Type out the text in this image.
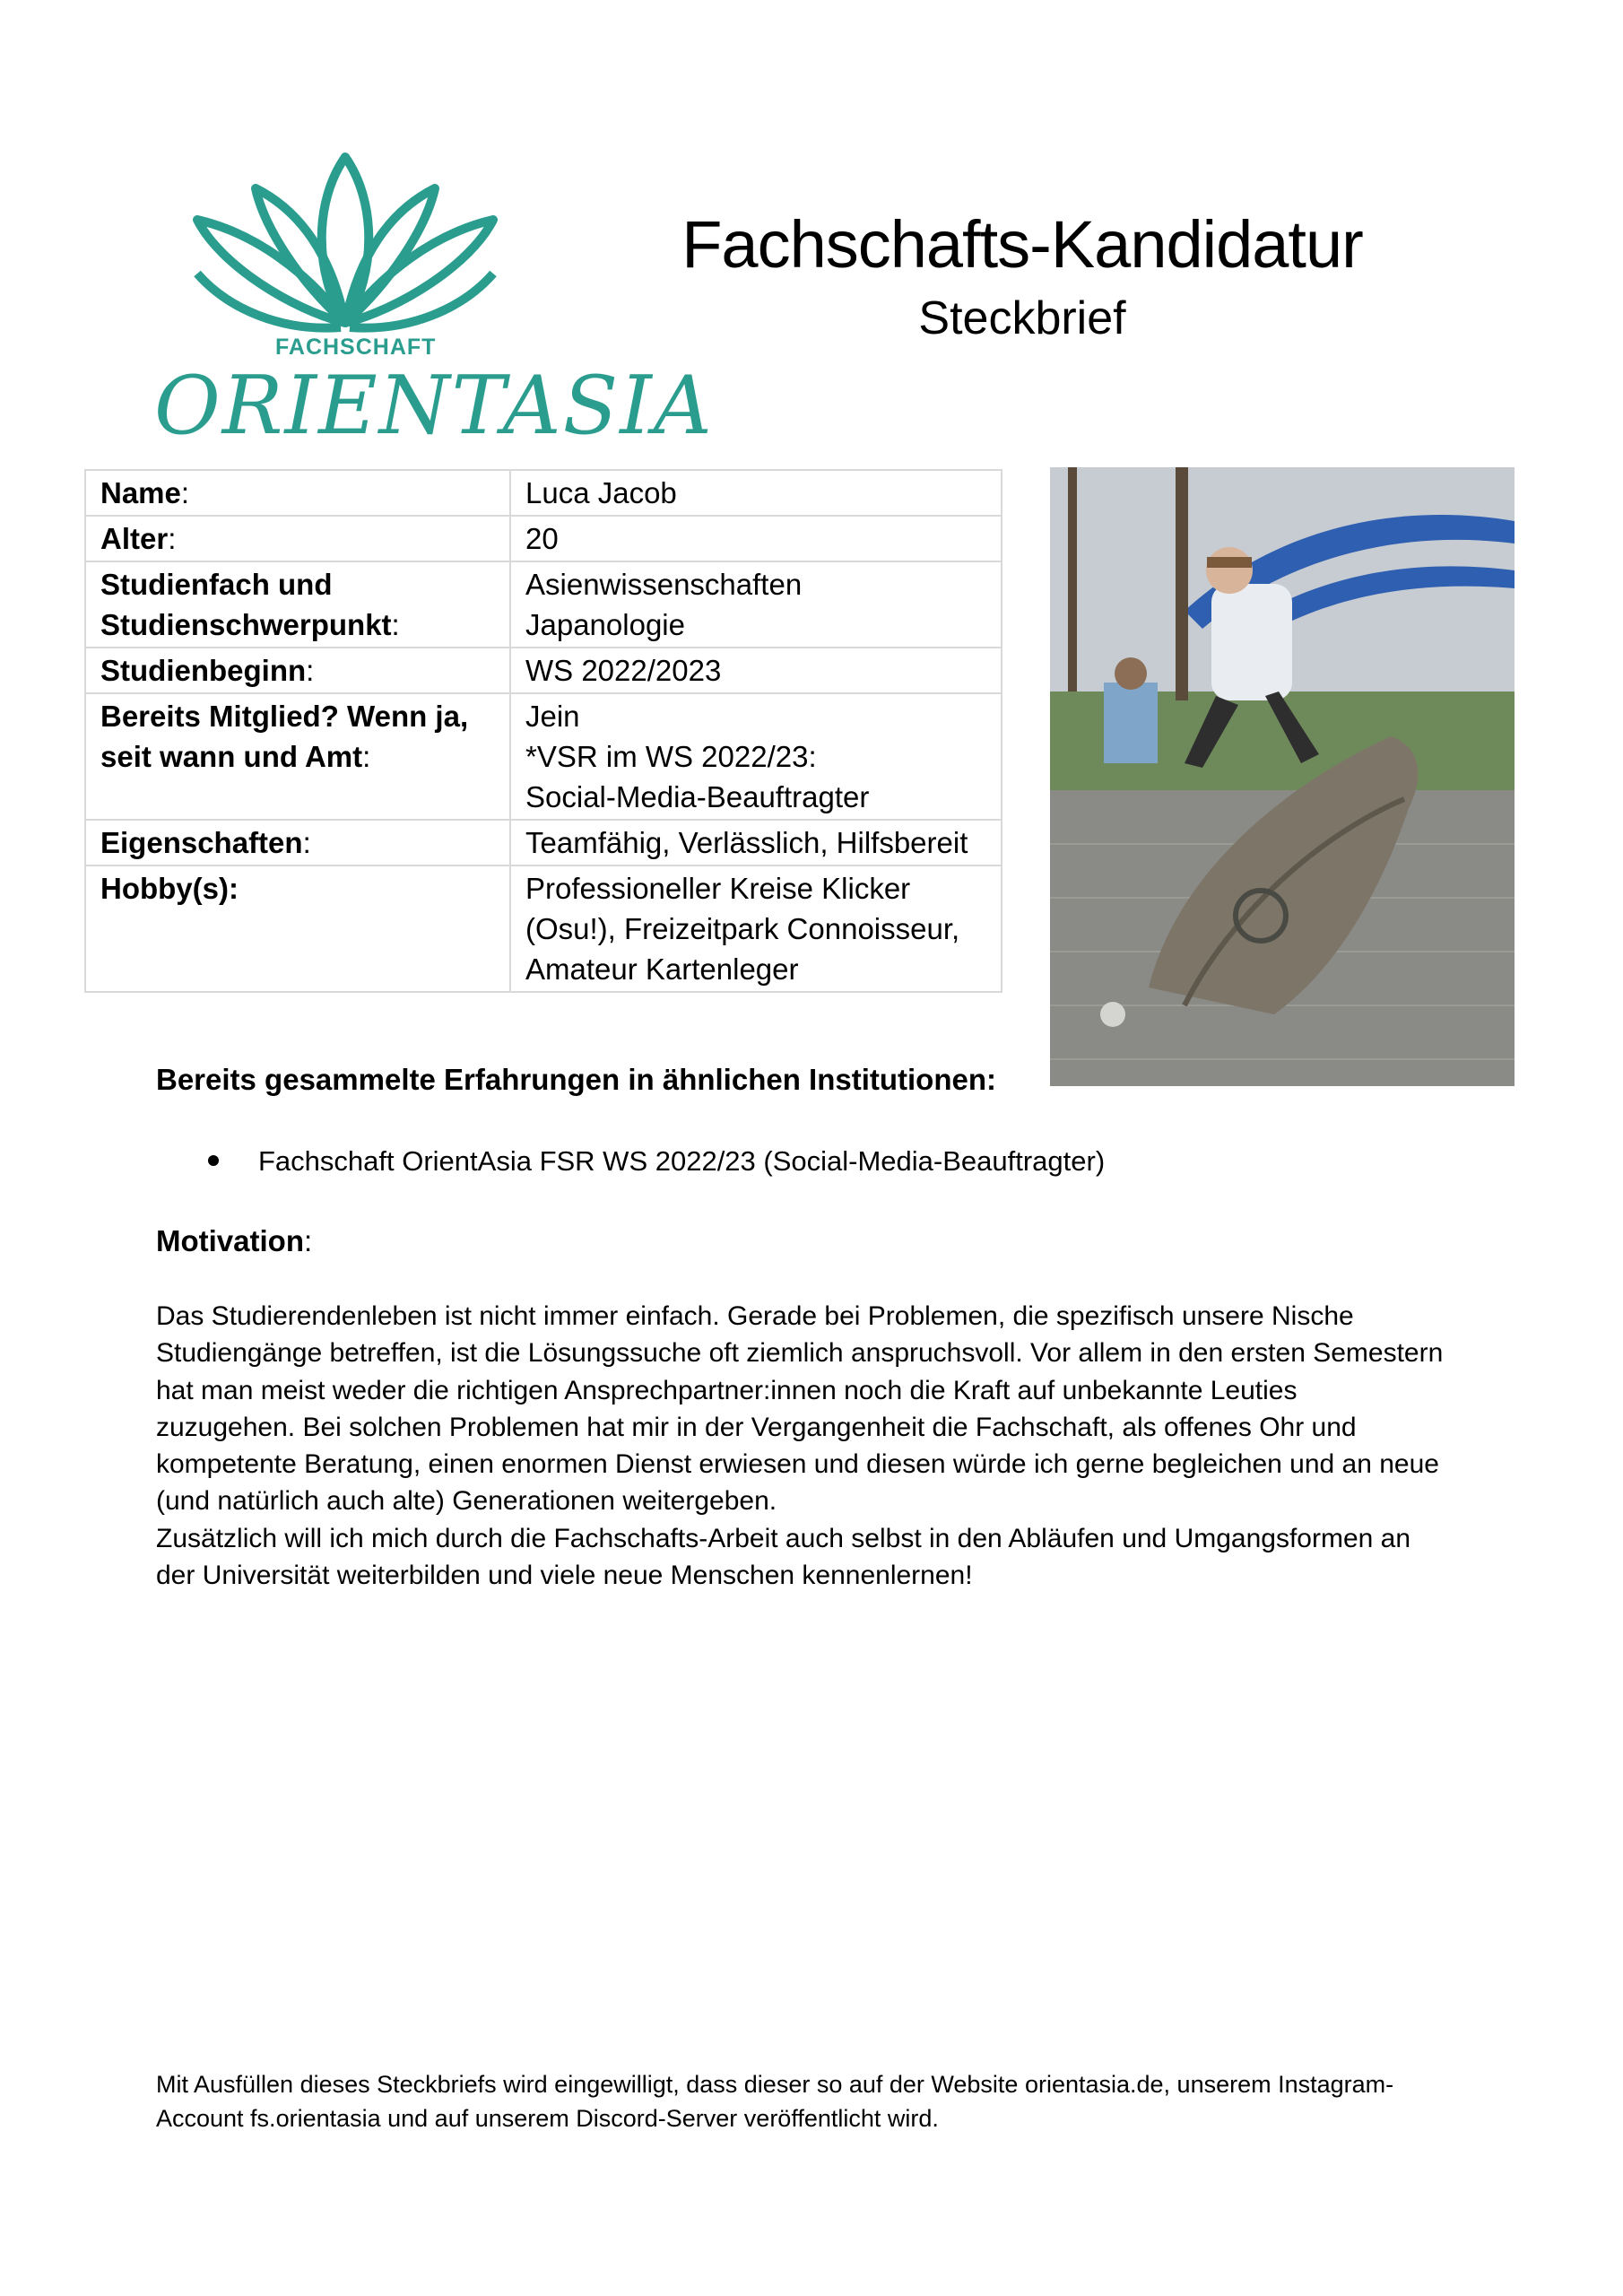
FACHSCHAFT
ORIENTASIA
Fachschafts-Kandidatur
Steckbrief
Name:	Luca Jacob
Alter:	20
Studienfach und
Studienschwerpunkt:	Asienwissenschaften
Japanologie
Studienbeginn:	WS 2022/2023
Bereits Mitglied? Wenn ja,
seit wann und Amt:	Jein
*VSR im WS 2022/23:
Social-Media-Beauftragter
Eigenschaften:	Teamfähig, Verlässlich, Hilfsbereit
Hobby(s):	Professioneller Kreise Klicker
(Osu!), Freizeitpark Connoisseur,
Amateur Kartenleger
Bereits gesammelte Erfahrungen in ähnlichen Institutionen:
Fachschaft OrientAsia FSR WS 2022/23 (Social-Media-Beauftragter)
Motivation:

Das Studierendenleben ist nicht immer einfach. Gerade bei Problemen, die spezifisch unsere Nische
Studiengänge betreffen, ist die Lösungssuche oft ziemlich anspruchsvoll. Vor allem in den ersten Semestern
hat man meist weder die richtigen Ansprechpartner:innen noch die Kraft auf unbekannte Leuties
zuzugehen. Bei solchen Problemen hat mir in der Vergangenheit die Fachschaft, als offenes Ohr und
kompetente Beratung, einen enormen Dienst erwiesen und diesen würde ich gerne begleichen und an neue
(und natürlich auch alte) Generationen weitergeben.

Zusätzlich will ich mich durch die Fachschafts-Arbeit auch selbst in den Abläufen und Umgangsformen an
der Universität weiterbilden und viele neue Menschen kennenlernen!

Mit Ausfüllen dieses Steckbriefs wird eingewilligt, dass dieser so auf der Website orientasia.de, unserem Instagram-
Account fs.orientasia und auf unserem Discord-Server veröffentlicht wird.
